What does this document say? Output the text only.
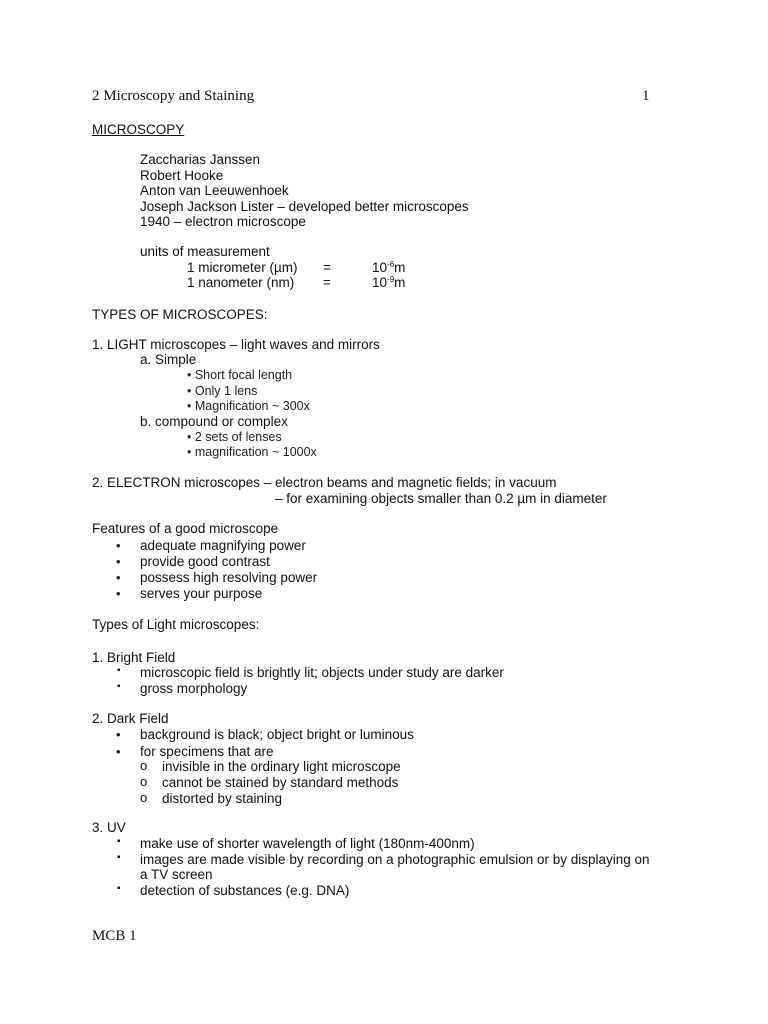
2 Microscopy and Staining	1
MICROSCOPY
Zaccharias Janssen
Robert Hooke
Anton van Leeuwenhoek
Joseph Jackson Lister – developed better microscopes
1940 – electron microscope
units of measurement
1 micrometer (µm) =	$10^{-6}m$
1 nanometer (nm) =	$10^{-9}m$
TYPES OF MICROSCOPES:
1. LIGHT microscopes – light waves and mirrors
a. Simple
• Short focal length
• Only 1 lens
• Magnification ~ 300x
b. compound or complex
• 2 sets of lenses
• magnification ~ 1000x
2. ELECTRON microscopes – electron beams and magnetic fields; in vacuum
– for examining objects smaller than 0.2 µm in diameter
Features of a good microscope
• adequate magnifying power
• provide good contrast
• possess high resolving power
• serves your purpose
Types of Light microscopes:
1. Bright Field
▪ microscopic field is brightly lit; objects under study are darker
▪ gross morphology
2. Dark Field
• background is black; object bright or luminous
• for specimens that are
o invisible in the ordinary light microscope
o cannot be stained by standard methods
o distorted by staining
3. UV
▪ make use of shorter wavelength of light (180nm-400nm)
▪ images are made visible by recording on a photographic emulsion or by displaying on
a TV screen
▪ detection of substances (e.g. DNA)
MCB 1
